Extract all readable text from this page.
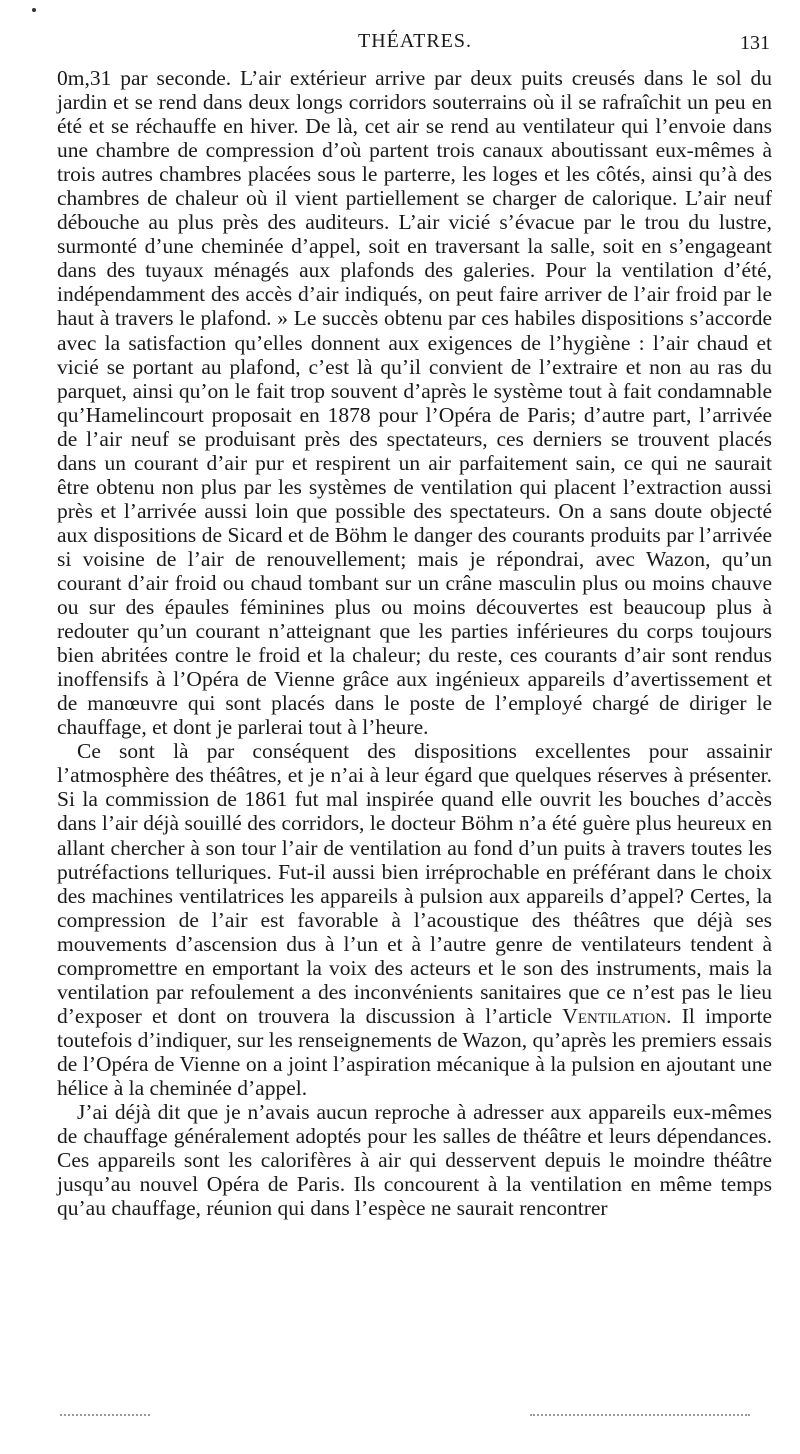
THÉATRES.	131

0m,31 par seconde. L’air extérieur arrive par deux puits creusés dans le sol du jardin et se rend dans deux longs corridors souterrains où il se rafraîchit un peu en été et se réchauffe en hiver. De là, cet air se rend au ventilateur qui l’envoie dans une chambre de compression d’où partent trois canaux aboutissant eux-mêmes à trois autres chambres placées sous le parterre, les loges et les côtés, ainsi qu’à des chambres de chaleur où il vient partiellement se charger de calorique. L’air neuf débouche au plus près des auditeurs. L’air vicié s’évacue par le trou du lustre, surmonté d’une cheminée d’appel, soit en traversant la salle, soit en s’engageant dans des tuyaux ménagés aux plafonds des galeries. Pour la ventilation d’été, indépendamment des accès d’air indiqués, on peut faire arriver de l’air froid par le haut à travers le plafond. » Le succès obtenu par ces habiles dispositions s’accorde avec la satisfaction qu’elles donnent aux exigences de l’hygiène : l’air chaud et vicié se portant au plafond, c’est là qu’il convient de l’extraire et non au ras du parquet, ainsi qu’on le fait trop souvent d’après le système tout à fait condamnable qu’Hamelincourt proposait en 1878 pour l’Opéra de Paris; d’autre part, l’arrivée de l’air neuf se produisant près des spectateurs, ces derniers se trouvent placés dans un courant d’air pur et respirent un air parfaitement sain, ce qui ne saurait être obtenu non plus par les systèmes de ventilation qui placent l’extraction aussi près et l’arrivée aussi loin que possible des spectateurs. On a sans doute objecté aux dispositions de Sicard et de Böhm le danger des courants produits par l’arrivée si voisine de l’air de renouvellement; mais je répondrai, avec Wazon, qu’un courant d’air froid ou chaud tombant sur un crâne masculin plus ou moins chauve ou sur des épaules féminines plus ou moins découvertes est beaucoup plus à redouter qu’un courant n’atteignant que les parties inférieures du corps toujours bien abritées contre le froid et la chaleur; du reste, ces courants d’air sont rendus inoffensifs à l’Opéra de Vienne grâce aux ingénieux appareils d’avertissement et de manœuvre qui sont placés dans le poste de l’employé chargé de diriger le chauffage, et dont je parlerai tout à l’heure.

Ce sont là par conséquent des dispositions excellentes pour assainir l’atmosphère des théâtres, et je n’ai à leur égard que quelques réserves à présenter. Si la commission de 1861 fut mal inspirée quand elle ouvrit les bouches d’accès dans l’air déjà souillé des corridors, le docteur Böhm n’a été guère plus heureux en allant chercher à son tour l’air de ventilation au fond d’un puits à travers toutes les putréfactions telluriques. Fut-il aussi bien irréprochable en préférant dans le choix des machines ventilatrices les appareils à pulsion aux appareils d’appel? Certes, la compression de l’air est favorable à l’acoustique des théâtres que déjà ses mouvements d’ascension dus à l’un et à l’autre genre de ventilateurs tendent à compromettre en emportant la voix des acteurs et le son des instruments, mais la ventilation par refoulement a des inconvénients sanitaires que ce n’est pas le lieu d’exposer et dont on trouvera la discussion à l’article Ventilation. Il importe toutefois d’indiquer, sur les renseignements de Wazon, qu’après les premiers essais de l’Opéra de Vienne on a joint l’aspiration mécanique à la pulsion en ajoutant une hélice à la cheminée d’appel.

J’ai déjà dit que je n’avais aucun reproche à adresser aux appareils eux-mêmes de chauffage généralement adoptés pour les salles de théâtre et leurs dépendances. Ces appareils sont les calorifères à air qui desservent depuis le moindre théâtre jusqu’au nouvel Opéra de Paris. Ils concourent à la ventilation en même temps qu’au chauffage, réunion qui dans l’espèce ne saurait rencontrer
